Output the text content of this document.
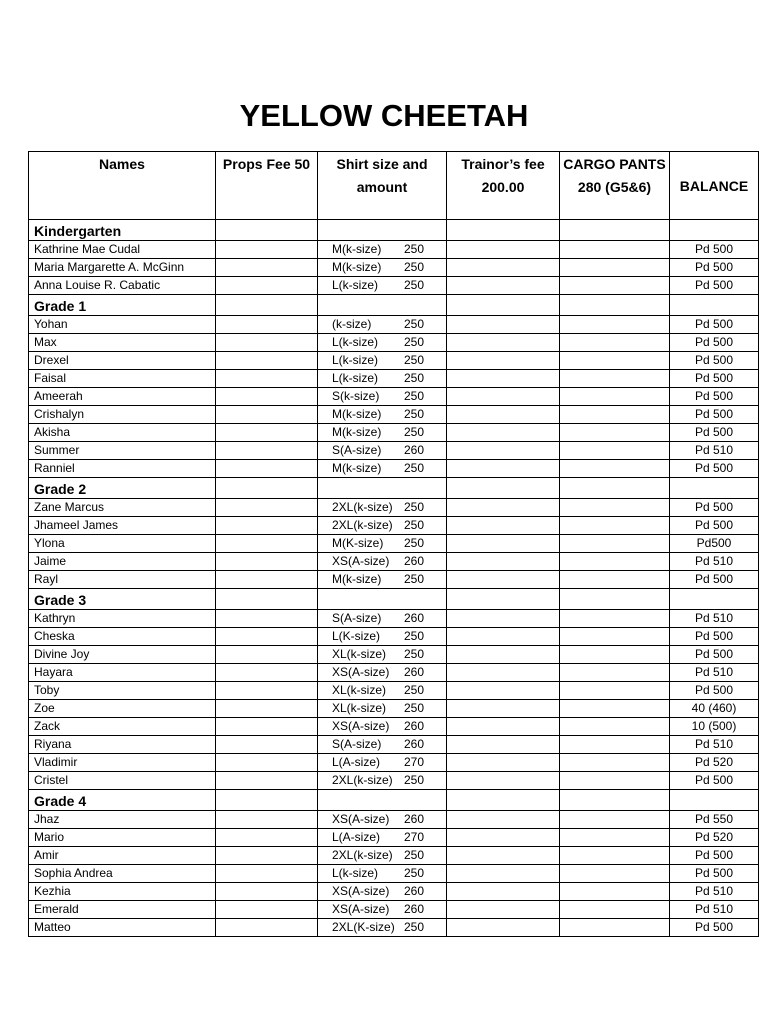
YELLOW CHEETAH
Names	Props Fee 50	Shirt size and amount	Trainor’s fee 200.00	CARGO PANTS 280 (G5&6)	BALANCE
Kindergarten					
Kathrine Mae Cudal		M(k-size) 250			Pd 500
Maria Margarette A. McGinn		M(k-size) 250			Pd 500
Anna Louise R. Cabatic		L(k-size) 250			Pd 500
Grade 1					
Yohan		(k-size) 250			Pd 500
Max		L(k-size) 250			Pd 500
Drexel		L(k-size) 250			Pd 500
Faisal		L(k-size) 250			Pd 500
Ameerah		S(k-size) 250			Pd 500
Crishalyn		M(k-size) 250			Pd 500
Akisha		M(k-size) 250			Pd 500
Summer		S(A-size) 260			Pd 510
Ranniel		M(k-size) 250			Pd 500
Grade 2					
Zane Marcus		2XL(k-size) 250			Pd 500
Jhameel James		2XL(k-size) 250			Pd 500
Ylona		M(K-size) 250			Pd500
Jaime		XS(A-size) 260			Pd 510
Rayl		M(k-size) 250			Pd 500
Grade 3					
Kathryn		S(A-size) 260			Pd 510
Cheska		L(K-size) 250			Pd 500
Divine Joy		XL(k-size) 250			Pd 500
Hayara		XS(A-size) 260			Pd 510
Toby		XL(k-size) 250			Pd 500
Zoe		XL(k-size) 250			40 (460)
Zack		XS(A-size) 260			10 (500)
Riyana		S(A-size) 260			Pd 510
Vladimir		L(A-size) 270			Pd 520
Cristel		2XL(k-size) 250			Pd 500
Grade 4					
Jhaz		XS(A-size) 260			Pd 550
Mario		L(A-size) 270			Pd 520
Amir		2XL(k-size) 250			Pd 500
Sophia Andrea		L(k-size) 250			Pd 500
Kezhia		XS(A-size) 260			Pd 510
Emerald		XS(A-size) 260			Pd 510
Matteo		2XL(K-size) 250			Pd 500
